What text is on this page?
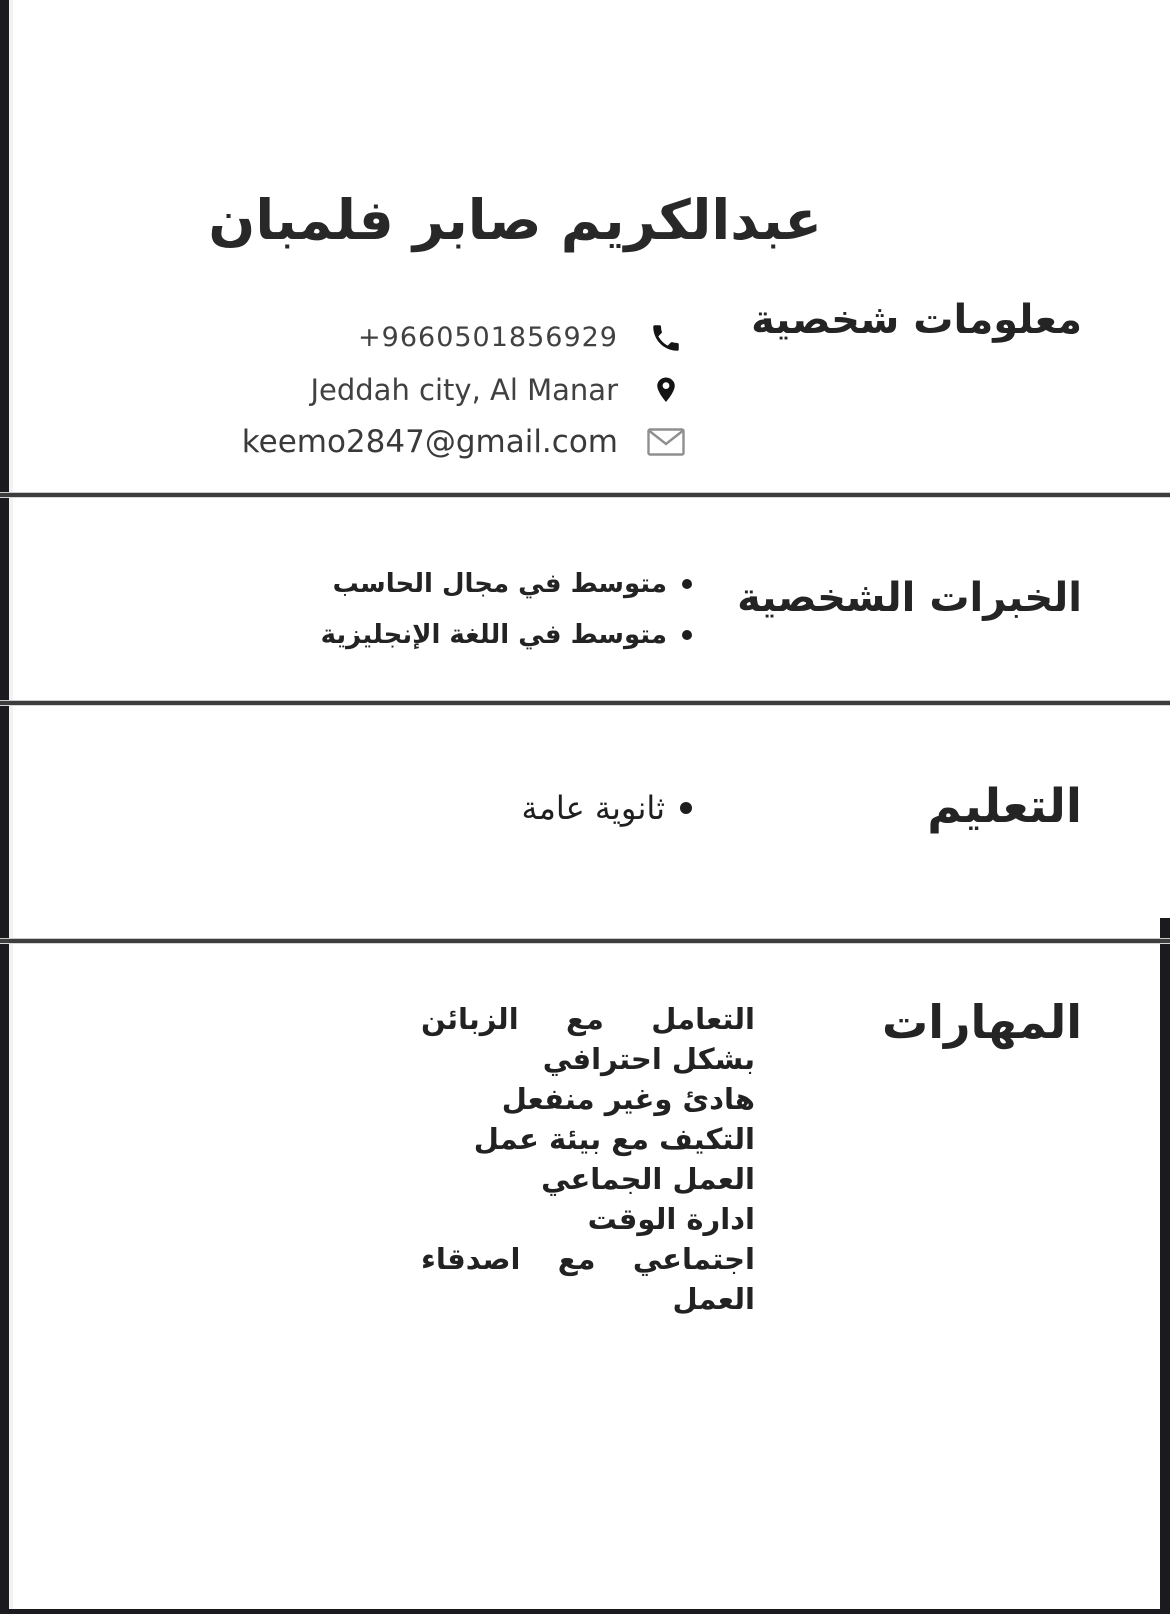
عبدالكريم صابر فلمبان
معلومات شخصية
+9660501856929
Jeddah city, Al Manar
keemo2847@gmail.com
الخبرات الشخصية
متوسط في مجال الحاسب
متوسط في اللغة الإنجليزية
التعليم
ثانوية عامة
المهارات
التعامل مع الزبائن بشكل احترافي
هادئ وغير منفعل
التكيف مع بيئة عمل
العمل الجماعي
ادارة الوقت
اجتماعي مع اصدقاء العمل
